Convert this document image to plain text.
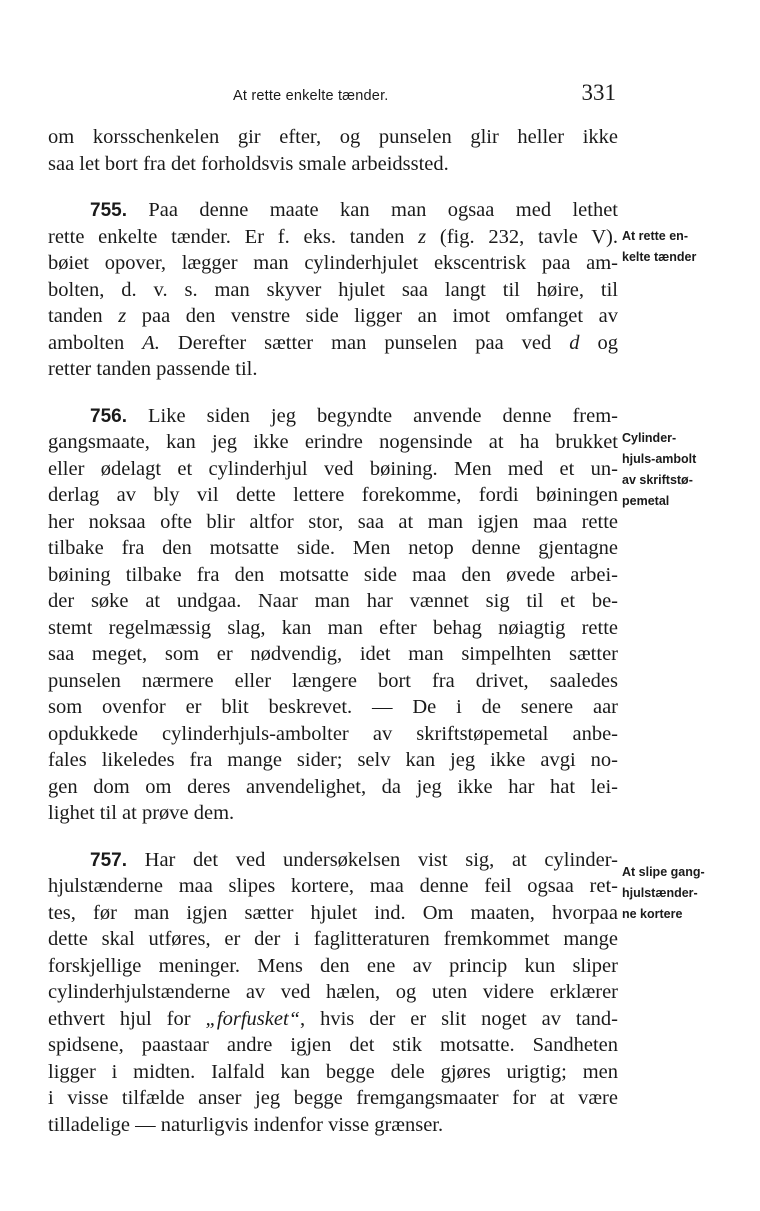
At rette enkelte tænder.	331
om korsschenkelen gir efter, og punselen glir heller ikke
saa let bort fra det forholdsvis smale arbeidssted.
755. Paa denne maate kan man ogsaa med lethet
rette enkelte tænder. Er f. eks. tanden z (fig. 232, tavle V).
bøiet opover, lægger man cylinderhjulet ekscentrisk paa am-
bolten, d. v. s. man skyver hjulet saa langt til høire, til
tanden z paa den venstre side ligger an imot omfanget av
ambolten A. Derefter sætter man punselen paa ved d og
retter tanden passende til.
756. Like siden jeg begyndte anvende denne frem-
gangsmaate, kan jeg ikke erindre nogensinde at ha brukket
eller ødelagt et cylinderhjul ved bøining. Men med et un-
derlag av bly vil dette lettere forekomme, fordi bøiningen
her noksaa ofte blir altfor stor, saa at man igjen maa rette
tilbake fra den motsatte side. Men netop denne gjentagne
bøining tilbake fra den motsatte side maa den øvede arbei-
der søke at undgaa. Naar man har vænnet sig til et be-
stemt regelmæssig slag, kan man efter behag nøiagtig rette
saa meget, som er nødvendig, idet man simpelhten sætter
punselen nærmere eller længere bort fra drivet, saaledes
som ovenfor er blit beskrevet. — De i de senere aar
opdukkede cylinderhjuls-ambolter av skriftstøpemetal anbe-
fales likeledes fra mange sider; selv kan jeg ikke avgi no-
gen dom om deres anvendelighet, da jeg ikke har hat lei-
lighet til at prøve dem.
757. Har det ved undersøkelsen vist sig, at cylinder-
hjulstænderne maa slipes kortere, maa denne feil ogsaa ret-
tes, før man igjen sætter hjulet ind. Om maaten, hvorpaa
dette skal utføres, er der i faglitteraturen fremkommet mange
forskjellige meninger. Mens den ene av princip kun sliper
cylinderhjulstænderne av ved hælen, og uten videre erklærer
ethvert hjul for „forfusket“, hvis der er slit noget av tand-
spidsene, paastaar andre igjen det stik motsatte. Sandheten
ligger i midten. Ialfald kan begge dele gjøres urigtig; men
i visse tilfælde anser jeg begge fremgangsmaater for at være
tilladelige — naturligvis indenfor visse grænser.
At rette en-
kelte tænder
Cylinder-
hjuls-ambolt
av skriftstø-
pemetal
At slipe gang-
hjulstænder-
ne kortere
